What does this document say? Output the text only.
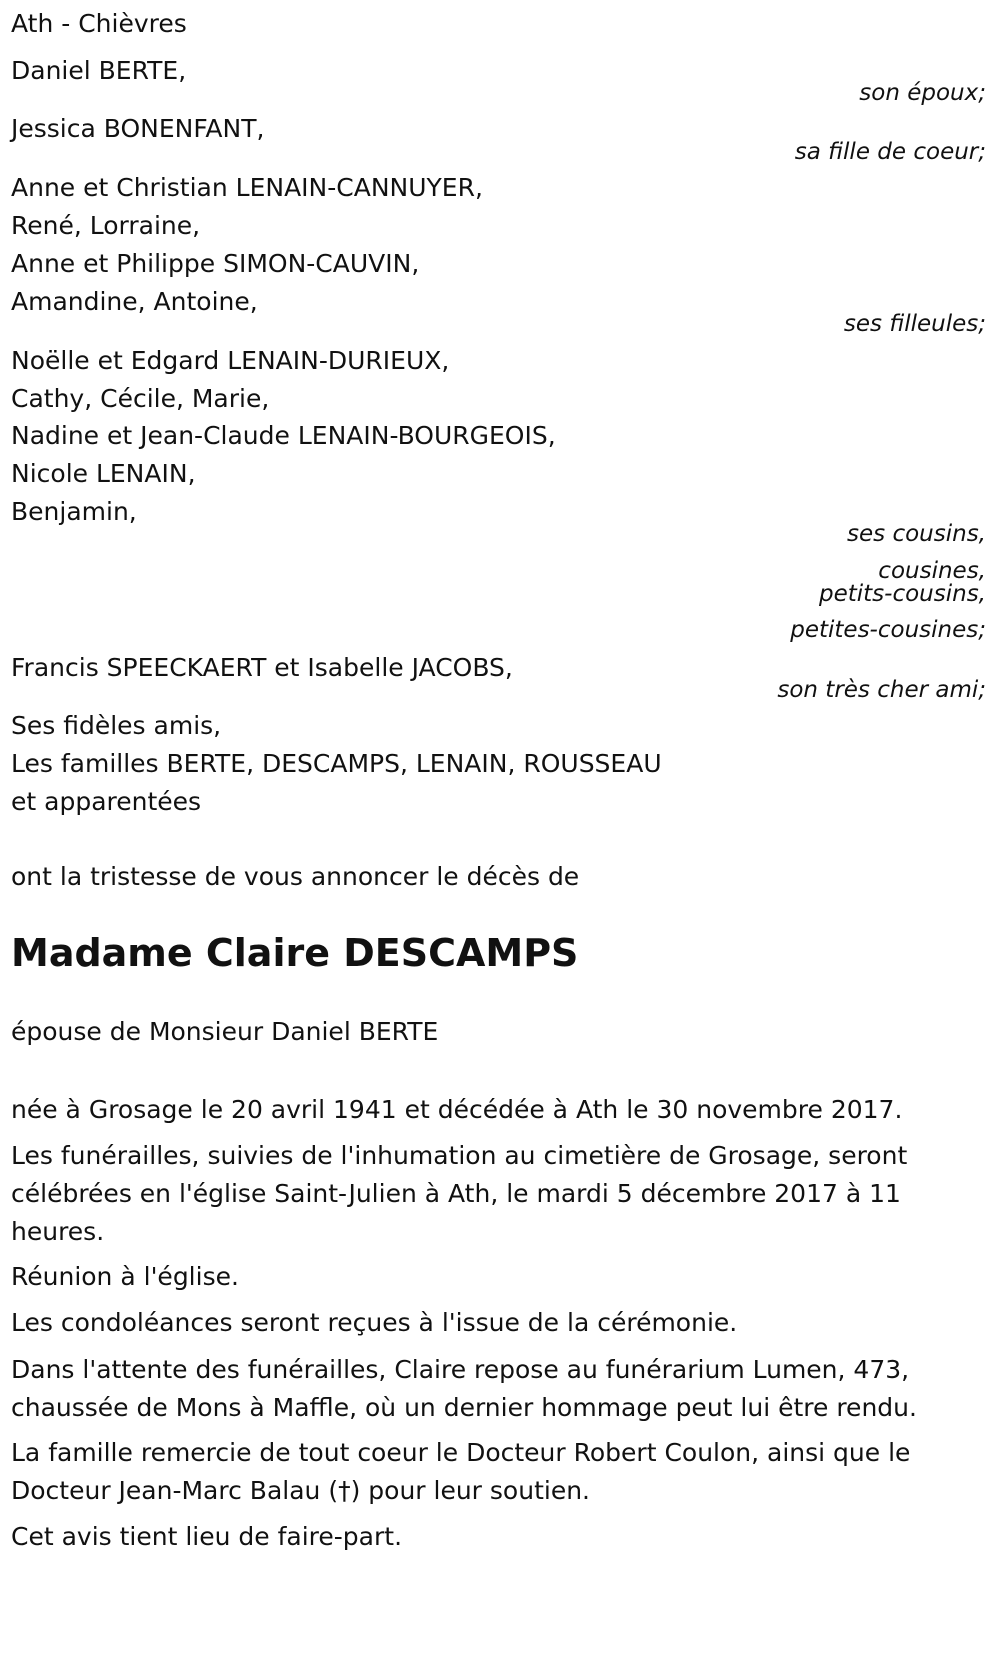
Ath - Chièvres
Daniel BERTE,
son époux;
Jessica BONENFANT,
sa fille de coeur;
Anne et Christian LENAIN-CANNUYER,
René, Lorraine,
Anne et Philippe SIMON-CAUVIN,
Amandine, Antoine,
ses filleules;
Noëlle et Edgard LENAIN-DURIEUX,
Cathy, Cécile, Marie,
Nadine et Jean-Claude LENAIN-BOURGEOIS,
Nicole LENAIN,
Benjamin,
ses cousins,
cousines,
petits-cousins,
petites-cousines;
Francis SPEECKAERT et Isabelle JACOBS,
son très cher ami;
Ses fidèles amis,
Les familles BERTE, DESCAMPS, LENAIN, ROUSSEAU
et apparentées
ont la tristesse de vous annoncer le décès de
Madame Claire DESCAMPS
épouse de Monsieur Daniel BERTE
née à Grosage le 20 avril 1941 et décédée à Ath le 30 novembre 2017.
Les funérailles, suivies de l'inhumation au cimetière de Grosage, seront
célébrées en l'église Saint-Julien à Ath, le mardi 5 décembre 2017 à 11
heures.
Réunion à l'église.
Les condoléances seront reçues à l'issue de la cérémonie.
Dans l'attente des funérailles, Claire repose au funérarium Lumen, 473,
chaussée de Mons à Maffle, où un dernier hommage peut lui être rendu.
La famille remercie de tout coeur le Docteur Robert Coulon, ainsi que le
Docteur Jean-Marc Balau (†) pour leur soutien.
Cet avis tient lieu de faire-part.
